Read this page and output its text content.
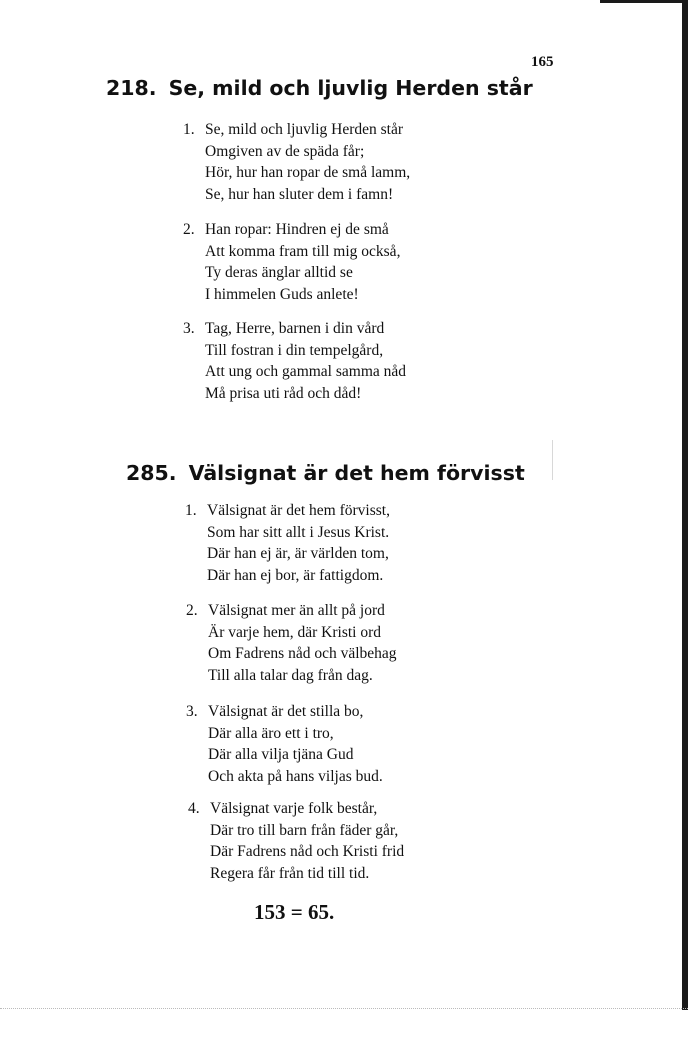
165
218. Se, mild och ljuvlig Herden står
1. Se, mild och ljuvlig Herden står
Omgiven av de späda får;
Hör, hur han ropar de små lamm,
Se, hur han sluter dem i famn!
2. Han ropar: Hindren ej de små
Att komma fram till mig också,
Ty deras änglar alltid se
I himmelen Guds anlete!
3. Tag, Herre, barnen i din vård
Till fostran i din tempelgård,
Att ung och gammal samma nåd
Må prisa uti råd och dåd!
285. Välsignat är det hem förvisst
1. Välsignat är det hem förvisst,
Som har sitt allt i Jesus Krist.
Där han ej är, är världen tom,
Där han ej bor, är fattigdom.
2. Välsignat mer än allt på jord
Är varje hem, där Kristi ord
Om Fadrens nåd och välbehag
Till alla talar dag från dag.
3. Välsignat är det stilla bo,
Där alla äro ett i tro,
Där alla vilja tjäna Gud
Och akta på hans viljas bud.
4. Välsignat varje folk består,
Där tro till barn från fäder går,
Där Fadrens nåd och Kristi frid
Regera får från tid till tid.
153 = 65.
